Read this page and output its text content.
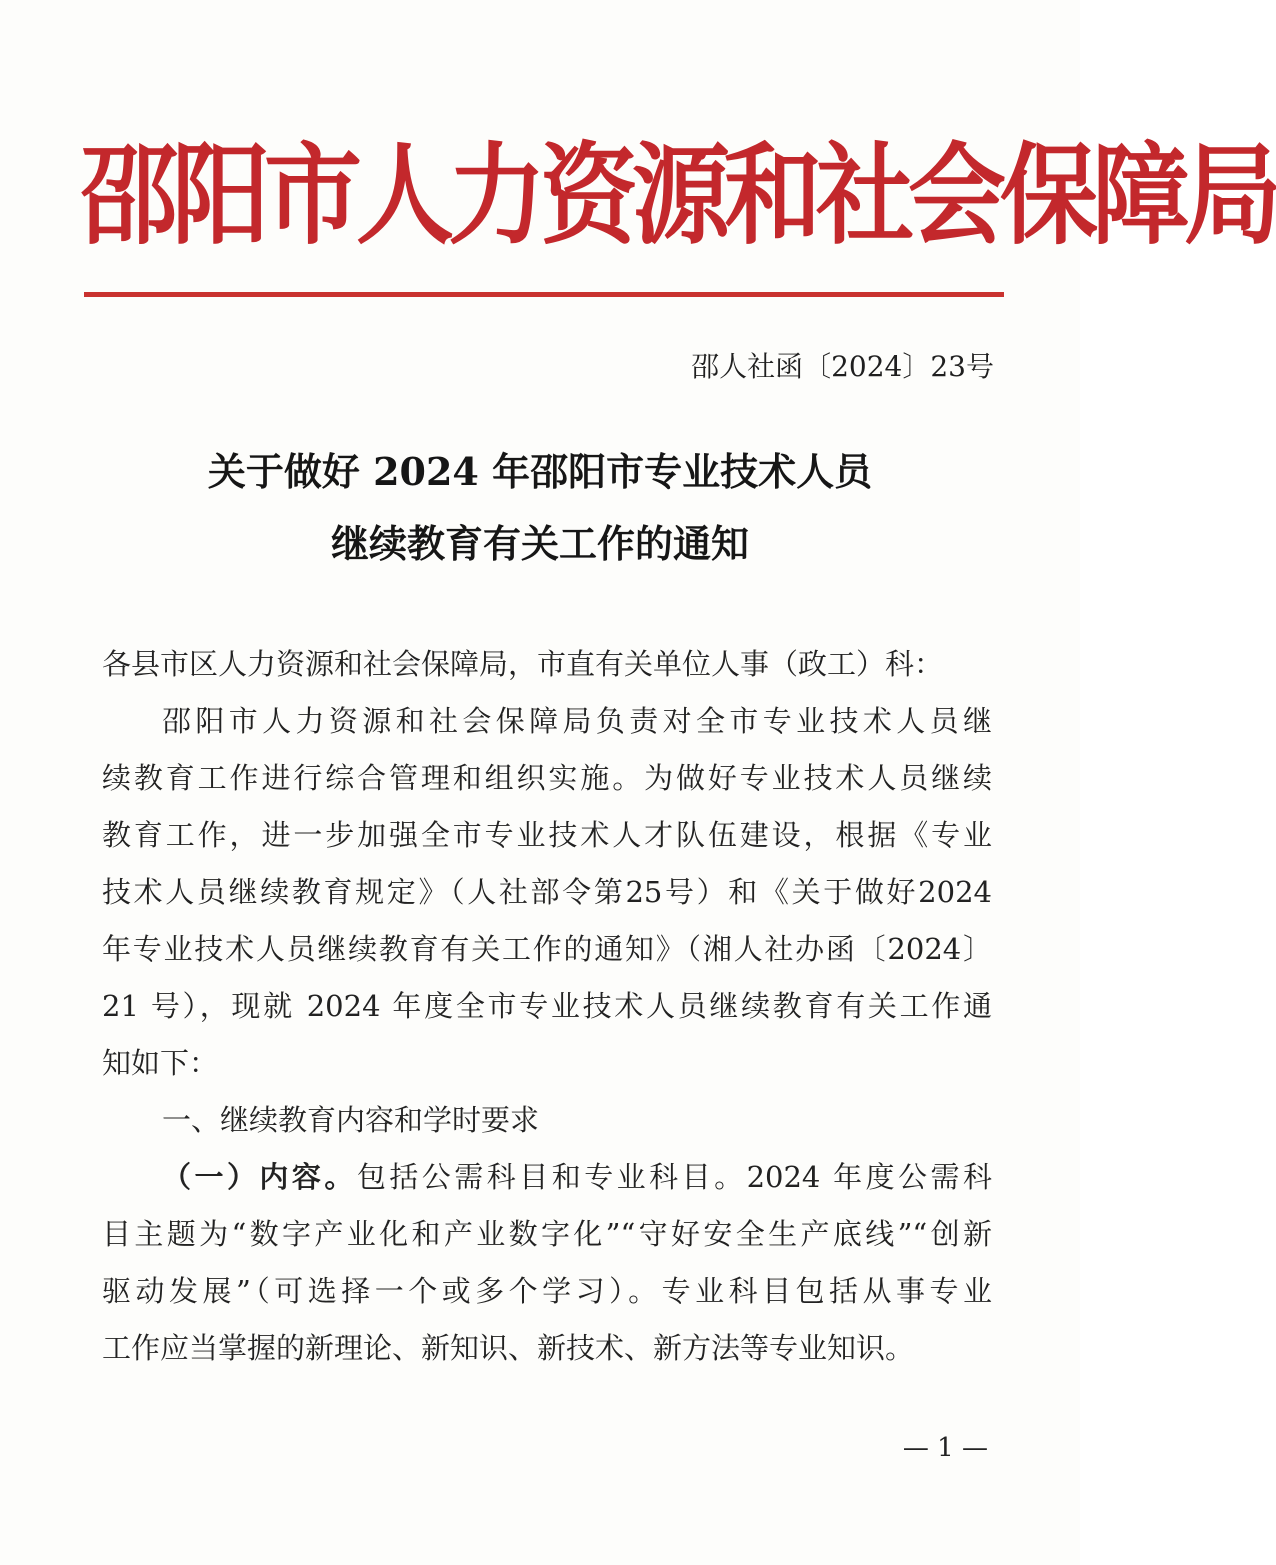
邵阳市人力资源和社会保障局
邵人社函〔2024〕23号
关于做好 2024 年邵阳市专业技术人员
继续教育有关工作的通知
各县市区人力资源和社会保障局，市直有关单位人事（政工）科：
邵阳市人力资源和社会保障局负责对全市专业技术人员继
续教育工作进行综合管理和组织实施。为做好专业技术人员继续
教育工作，进一步加强全市专业技术人才队伍建设，根据《专业
技术人员继续教育规定》（人社部令第25号）和《关于做好2024
年专业技术人员继续教育有关工作的通知》（湘人社办函〔2024〕
21 号），现就 2024 年度全市专业技术人员继续教育有关工作通
知如下：
一、继续教育内容和学时要求
（一）内容。包括公需科目和专业科目。2024 年度公需科
目主题为“数字产业化和产业数字化”“守好安全生产底线”“创新
驱动发展”（可选择一个或多个学习）。专业科目包括从事专业
工作应当掌握的新理论、新知识、新技术、新方法等专业知识。
— 1 —
